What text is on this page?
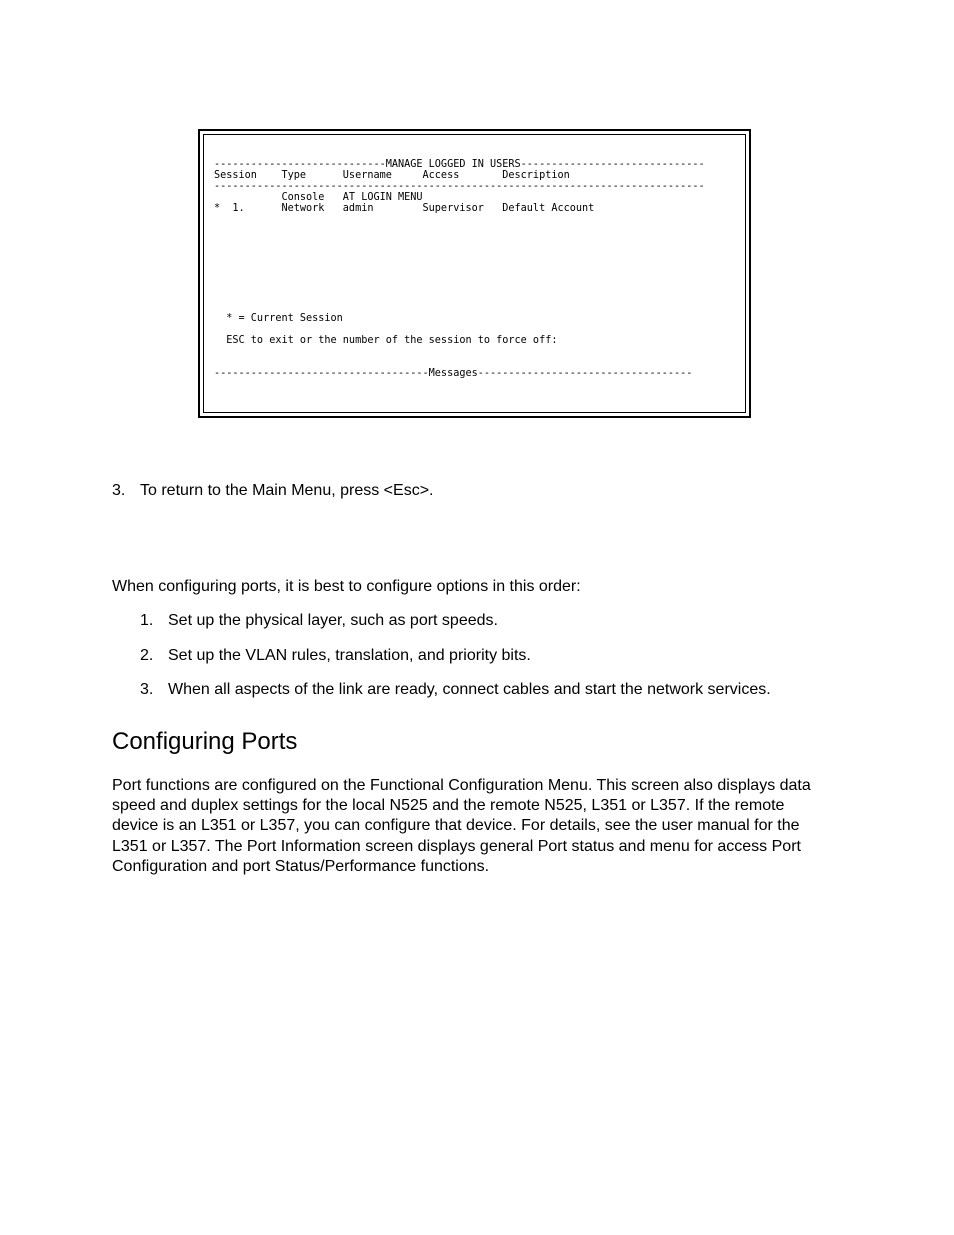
----------------------------MANAGE LOGGED IN USERS------------------------------
Session    Type      Username     Access       Description
--------------------------------------------------------------------------------
Console   AT LOGIN MENU
*  1.      Network   admin        Supervisor   Default Account
* = Current Session
ESC to exit or the number of the session to force off:
-----------------------------------Messages-----------------------------------
3. To return to the Main Menu, press <Esc>.

When configuring ports, it is best to configure options in this order:

1. Set up the physical layer, such as port speeds.
2. Set up the VLAN rules, translation, and priority bits.
3. When all aspects of the link are ready, connect cables and start the network services.
Configuring Ports

Port functions are configured on the Functional Configuration Menu. This screen also displays data speed and duplex settings for the local N525 and the remote N525, L351 or L357. If the remote device is an L351 or L357, you can configure that device. For details, see the user manual for the L351 or L357. The Port Information screen displays general Port status and menu for access Port Configuration and port Status/Performance functions.
